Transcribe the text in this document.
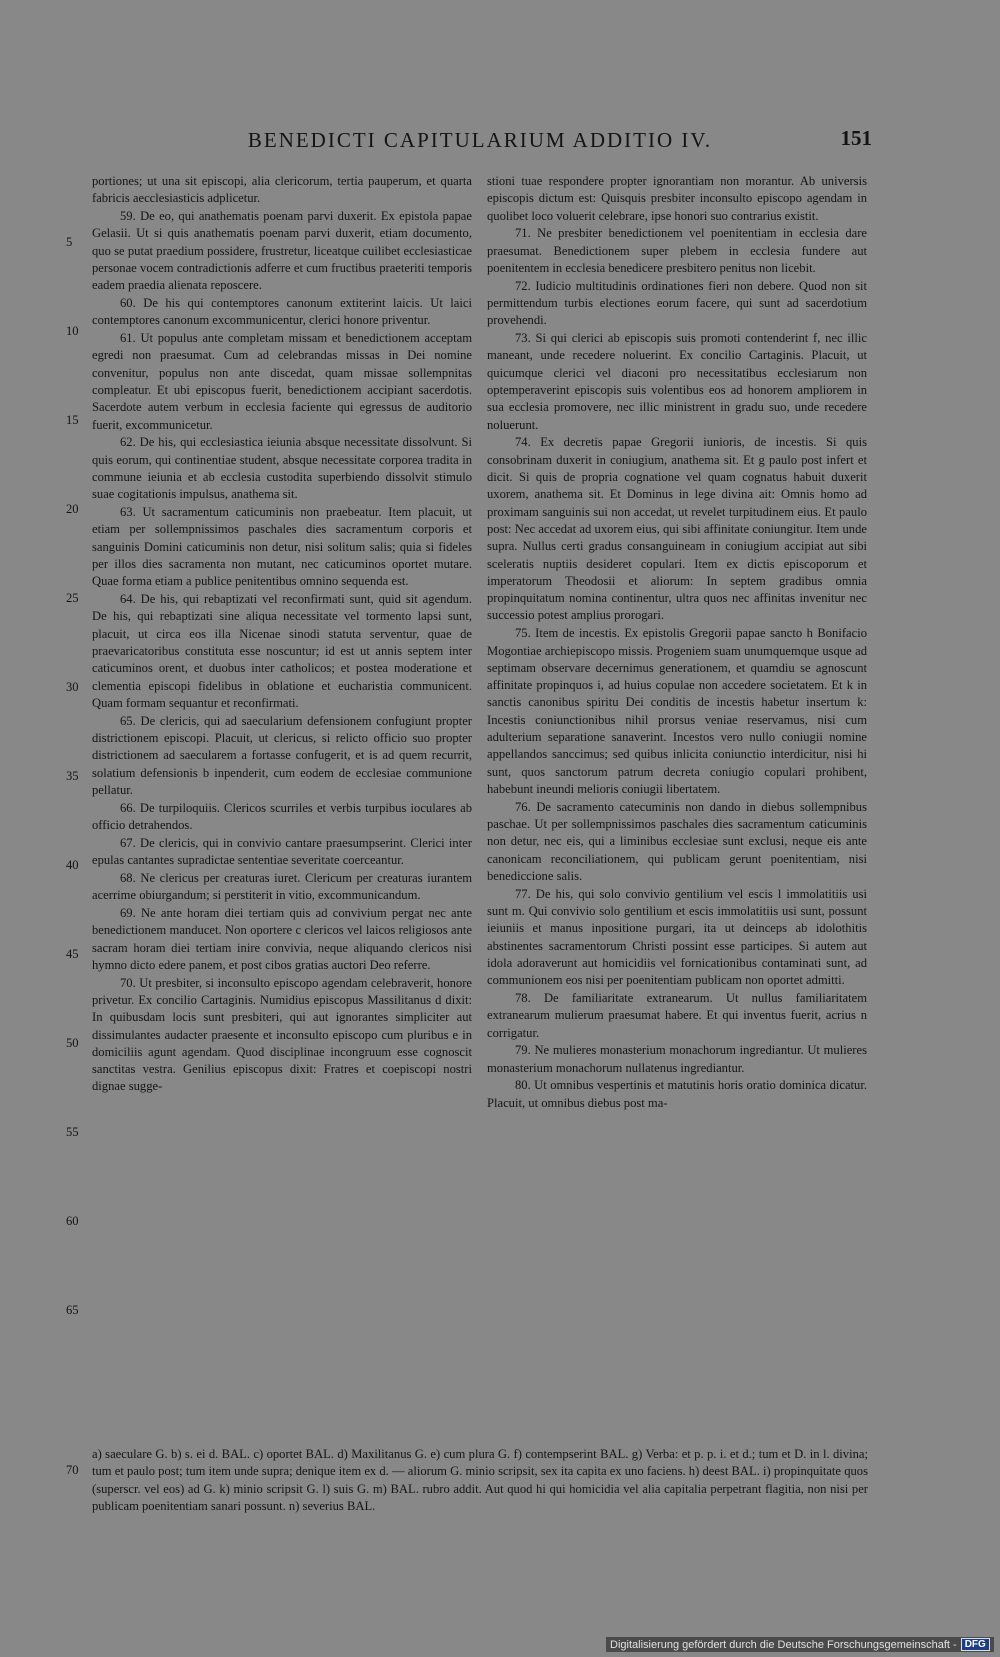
BENEDICTI CAPITULARIUM ADDITIO IV.	151
5
10
15
20
25
30
35
40
45
50
55
60
65

portiones; ut una sit episcopi, alia clericorum, tertia pauperum, et quarta fabricis aecclesiasticis adplicetur.

59. De eo, qui anathematis poenam parvi duxerit. Ex epistola papae Gelasii. Ut si quis anathematis poenam parvi duxerit, etiam documento, quo se putat praedium possidere, frustretur, liceatque cuilibet ecclesiasticae personae vocem contradictionis adferre et cum fructibus praeteriti temporis eadem praedia alienata reposcere.

60. De his qui contemptores canonum extiterint laicis. Ut laici contemptores canonum excommunicentur, clerici honore priventur.

61. Ut populus ante completam missam et benedictionem acceptam egredi non praesumat. Cum ad celebrandas missas in Dei nomine convenitur, populus non ante discedat, quam missae sollempnitas compleatur. Et ubi episcopus fuerit, benedictionem accipiant sacerdotis. Sacerdote autem verbum in ecclesia faciente qui egressus de auditorio fuerit, excommunicetur.

62. De his, qui ecclesiastica ieiunia absque necessitate dissolvunt. Si quis eorum, qui continentiae student, absque necessitate corporea tradita in commune ieiunia et ab ecclesia custodita superbiendo dissolvit stimulo suae cogitationis impulsus, anathema sit.

63. Ut sacramentum caticuminis non praebeatur. Item placuit, ut etiam per sollempnissimos paschales dies sacramentum corporis et sanguinis Domini caticuminis non detur, nisi solitum salis; quia si fideles per illos dies sacramenta non mutant, nec caticuminos oportet mutare. Quae forma etiam a publice penitentibus omnino sequenda est.

64. De his, qui rebaptizati vel reconfirmati sunt, quid sit agendum. De his, qui rebaptizati sine aliqua necessitate vel tormento lapsi sunt, placuit, ut circa eos illa Nicenae sinodi statuta serventur, quae de praevaricatoribus constituta esse noscuntur; id est ut annis septem inter caticuminos orent, et duobus inter catholicos; et postea moderatione et clementia episcopi fidelibus in oblatione et eucharistia communicent. Quam formam sequantur et reconfirmati.

65. De clericis, qui ad saecularium defensionem confugiunt propter districtionem episcopi. Placuit, ut clericus, si relicto officio suo propter districtionem ad saecularem a fortasse confugerit, et is ad quem recurrit, solatium defensionis b inpenderit, cum eodem de ecclesiae communione pellatur.

66. De turpiloquiis. Clericos scurriles et verbis turpibus ioculares ab officio detrahendos.

67. De clericis, qui in convivio cantare praesumpserint. Clerici inter epulas cantantes supradictae sententiae severitate coerceantur.

68. Ne clericus per creaturas iuret. Clericum per creaturas iurantem acerrime obiurgandum; si perstiterit in vitio, excommunicandum.

69. Ne ante horam diei tertiam quis ad convivium pergat nec ante benedictionem manducet. Non oportere c clericos vel laicos religiosos ante sacram horam diei tertiam inire convivia, neque aliquando clericos nisi hymno dicto edere panem, et post cibos gratias auctori Deo referre.

70. Ut presbiter, si inconsulto episcopo agendam celebraverit, honore privetur. Ex concilio Cartaginis. Numidius episcopus Massilitanus d dixit: In quibusdam locis sunt presbiteri, qui aut ignorantes simpliciter aut dissimulantes audacter praesente et inconsulto episcopo cum pluribus e in domiciliis agunt agendam. Quod disciplinae incongruum esse cognoscit sanctitas vestra. Genilius episcopus dixit: Fratres et coepiscopi nostri dignae sugge-

stioni tuae respondere propter ignorantiam non morantur. Ab universis episcopis dictum est: Quisquis presbiter inconsulto episcopo agendam in quolibet loco voluerit celebrare, ipse honori suo contrarius existit.

71. Ne presbiter benedictionem vel poenitentiam in ecclesia dare praesumat. Benedictionem super plebem in ecclesia fundere aut poenitentem in ecclesia benedicere presbitero penitus non licebit.

72. Iudicio multitudinis ordinationes fieri non debere. Quod non sit permittendum turbis electiones eorum facere, qui sunt ad sacerdotium provehendi.

73. Si qui clerici ab episcopis suis promoti contenderint f, nec illic maneant, unde recedere noluerint. Ex concilio Cartaginis. Placuit, ut quicumque clerici vel diaconi pro necessitatibus ecclesiarum non optemperaverint episcopis suis volentibus eos ad honorem ampliorem in sua ecclesia promovere, nec illic ministrent in gradu suo, unde recedere noluerunt.

74. Ex decretis papae Gregorii iunioris, de incestis. Si quis consobrinam duxerit in coniugium, anathema sit. Et g paulo post infert et dicit. Si quis de propria cognatione vel quam cognatus habuit duxerit uxorem, anathema sit. Et Dominus in lege divina ait: Omnis homo ad proximam sanguinis sui non accedat, ut revelet turpitudinem eius. Et paulo post: Nec accedat ad uxorem eius, qui sibi affinitate coniungitur. Item unde supra. Nullus certi gradus consanguineam in coniugium accipiat aut sibi sceleratis nuptiis desideret copulari. Item ex dictis episcoporum et imperatorum Theodosii et aliorum: In septem gradibus omnia propinquitatum nomina continentur, ultra quos nec affinitas invenitur nec successio potest amplius prorogari.

75. Item de incestis. Ex epistolis Gregorii papae sancto h Bonifacio Mogontiae archiepiscopo missis. Progeniem suam unumquemque usque ad septimam observare decernimus generationem, et quamdiu se agnoscunt affinitate propinquos i, ad huius copulae non accedere societatem. Et k in sanctis canonibus spiritu Dei conditis de incestis habetur insertum k: Incestis coniunctionibus nihil prorsus veniae reservamus, nisi cum adulterium separatione sanaverint. Incestos vero nullo coniugii nomine appellandos sanccimus; sed quibus inlicita coniunctio interdicitur, nisi hi sunt, quos sanctorum patrum decreta coniugio copulari prohibent, habebunt ineundi melioris coniugii libertatem.

76. De sacramento catecuminis non dando in diebus sollempnibus paschae. Ut per sollempnissimos paschales dies sacramentum caticuminis non detur, nec eis, qui a liminibus ecclesiae sunt exclusi, neque eis ante canonicam reconciliationem, qui publicam gerunt poenitentiam, nisi benediccione salis.

77. De his, qui solo convivio gentilium vel escis l immolatitiis usi sunt m. Qui convivio solo gentilium et escis immolatitiis usi sunt, possunt ieiuniis et manus inpositione purgari, ita ut deinceps ab idolothitis abstinentes sacramentorum Christi possint esse participes. Si autem aut idola adoraverunt aut homicidiis vel fornicationibus contaminati sunt, ad communionem eos nisi per poenitentiam publicam non oportet admitti.

78. De familiaritate extranearum. Ut nullus familiaritatem extranearum mulierum praesumat habere. Et qui inventus fuerit, acrius n corrigatur.

79. Ne mulieres monasterium monachorum ingrediantur. Ut mulieres monasterium monachorum nullatenus ingrediantur.

80. Ut omnibus vespertinis et matutinis horis oratio dominica dicatur. Placuit, ut omnibus diebus post ma-

70
a) saeculare G. b) s. ei d. BAL. c) oportet BAL. d) Maxilitanus G. e) cum plura G. f) contempserint BAL. g) Verba: et p. p. i. et d.; tum et D. in l. divina; tum et paulo post; tum item unde supra; denique item ex d. — aliorum G. minio scripsit, sex ita capita ex uno faciens. h) deest BAL. i) propinquitate quos (superscr. vel eos) ad G. k) minio scripsit G. l) suis G. m) BAL. rubro addit. Aut quod hi qui homicidia vel alia capitalia perpetrant flagitia, non nisi per publicam poenitentiam sanari possunt. n) severius BAL.
Digitalisierung gefördert durch die Deutsche Forschungsgemeinschaft - DFG
